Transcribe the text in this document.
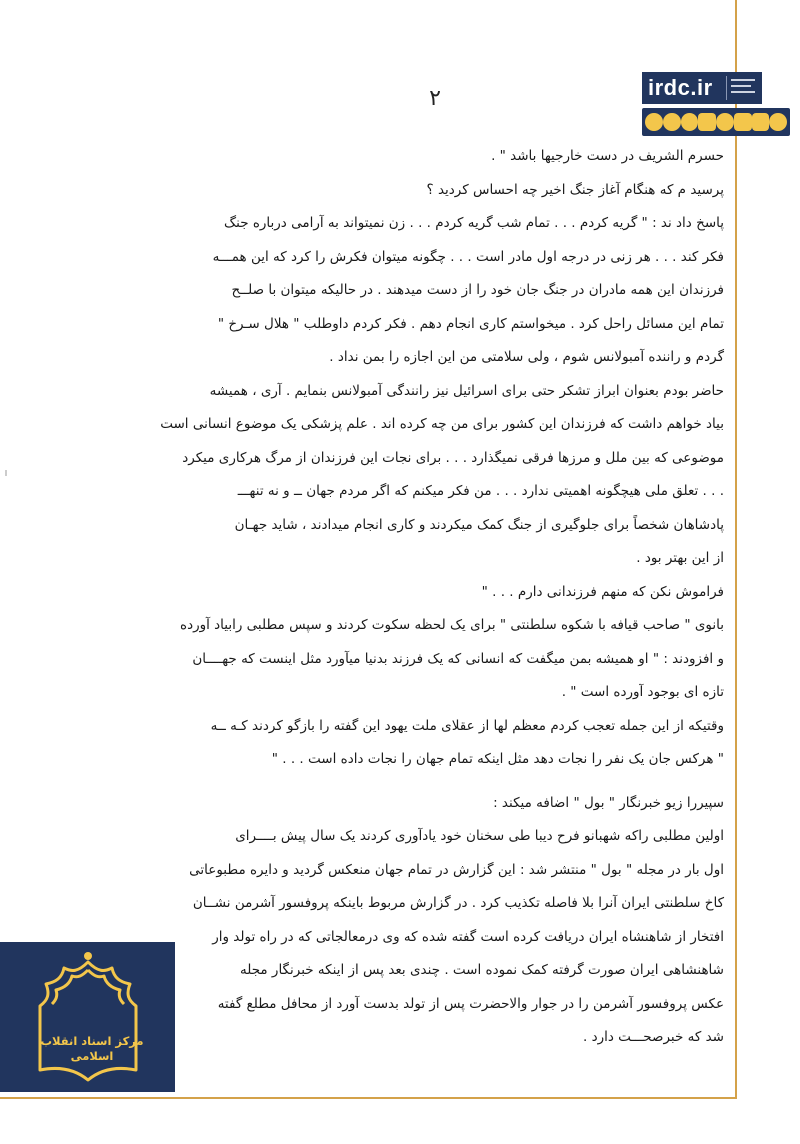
۲	irdc.ir

حسرم الشریف در دست خارجیها باشد " .

پرسید م که هنگام آغاز جنگ اخیر چه احساس کردید ؟

پاسخ داد ند : " گریه کردم . . . تمام شب گریه کردم . . . زن نمیتواند به آرامی درباره جنگ

فکر کند . . . هر زنی در درجه اول مادر است . . . چگونه میتوان فکرش را کرد که این همـــه

فرزندان این همه مادران در جنگ جان خود را از دست میدهند . در حالیکه میتوان با صلــح

تمام این مسائل راحل کرد . میخواستم کاری انجام دهم . فکر کردم داوطلب " هلال سـرخ "

گردم و راننده آمبولانس شوم ، ولی سلامتی من این اجازه را بمن نداد .

حاضر بودم بعنوان ابراز تشکر حتی برای اسرائیل نیز رانندگی آمبولانس بنمایم . آری ، همیشه

بیاد خواهم داشت که فرزندان این کشور برای من چه کرده اند . علم پزشکی یک موضوع انسانی است

موضوعی که بین ملل و مرزها فرقی نمیگذارد . . . برای نجات این فرزندان از مرگ هرکاری میکرد

. . . تعلق ملی هیچگونه اهمیتی ندارد . . . من فکر میکنم که اگر مردم جهان ــ و نه تنهـــ

پادشاهان شخصاً برای جلوگیری از جنگ کمک میکردند و کاری انجام میدادند ، شاید جهـان

از این بهتر بود .

فراموش نکن که منهم فرزندانی دارم . . . "

بانوی " صاحب قیافه با شکوه سلطنتی " برای یک لحظه سکوت کردند و سپس مطلبی رابیاد آورده

و افزودند : " او همیشه بمن میگفت که انسانی که یک فرزند بدنیا میآورد مثل اینست که جهــــان

تازه ای بوجود آورده است " .

وقتیکه از این جمله تعجب کردم معظم لها از عقلای ملت یهود این گفته را بازگو کردند کـه ــه

" هرکس جان یک نفر را نجات دهد مثل اینکه تمام جهان را نجات داده است . . . "

سپیررا زیو خبرنگار " بول " اضافه میکند :

اولین مطلبی راکه شهبانو فرح دیبا طی سخنان خود یادآوری کردند یک سال پیش بــــرای

اول بار در مجله " بول " منتشر شد : این گزارش در تمام جهان منعکس گردید و دایره مطبوعاتی

کاخ سلطنتی ایران آنرا بلا فاصله تکذیب کرد . در گزارش مربوط باینکه پروفسور آشرمن نشــان

افتخار از شاهنشاه ایران دریافت کرده است گفته شده که وی درمعالجاتی که در راه تولد وار

شاهنشاهی ایران صورت گرفته کمک نموده است . چندی بعد پس از اینکه خبرنگار مجله

عکس پروفسور آشرمن را در جوار والاحضرت پس از تولد بدست آورد از محافل مطلع گفته

شد که خبرصحـــت دارد .

مرکز اسناد انقلاب اسلامی
